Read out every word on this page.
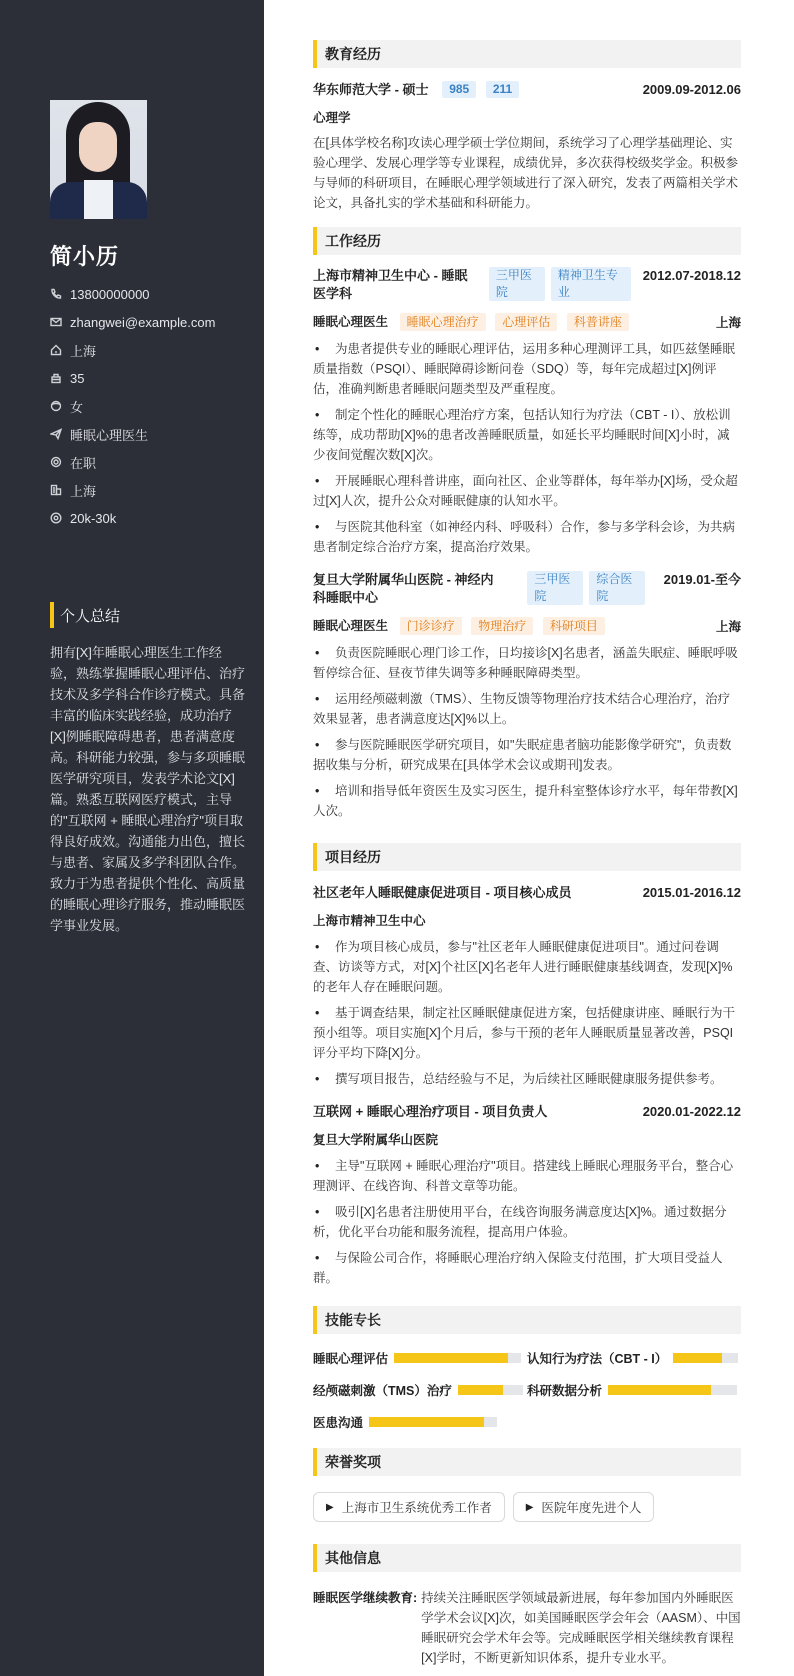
简小历
13800000000
zhangwei@example.com
上海
35
女
睡眠心理医生
在职
上海
20k-30k
个人总结
拥有[X]年睡眠心理医生工作经验，熟练掌握睡眠心理评估、治疗技术及多学科合作诊疗模式。具备丰富的临床实践经验，成功治疗[X]例睡眠障碍患者，患者满意度高。科研能力较强，参与多项睡眠医学研究项目，发表学术论文[X]篇。熟悉互联网医疗模式，主导的"互联网 + 睡眠心理治疗"项目取得良好成效。沟通能力出色，擅长与患者、家属及多学科团队合作。致力于为患者提供个性化、高质量的睡眠心理诊疗服务，推动睡眠医学事业发展。
教育经历
华东师范大学 - 硕士 985 211	2009.09-2012.06
心理学
在[具体学校名称]攻读心理学硕士学位期间，系统学习了心理学基础理论、实验心理学、发展心理学等专业课程，成绩优异，多次获得校级奖学金。积极参与导师的科研项目，在睡眠心理学领域进行了深入研究，发表了两篇相关学术论文，具备扎实的学术基础和科研能力。
工作经历
上海市精神卫生中心 - 睡眠医学科
三甲医院
精神卫生专业
2012.07-2018.12
睡眠心理医生 睡眠心理治疗 心理评估 科普讲座	上海
• 为患者提供专业的睡眠心理评估，运用多种心理测评工具，如匹兹堡睡眠质量指数（PSQI）、睡眠障碍诊断问卷（SDQ）等，每年完成超过[X]例评估，准确判断患者睡眠问题类型及严重程度。
• 制定个性化的睡眠心理治疗方案，包括认知行为疗法（CBT - I）、放松训练等，成功帮助[X]%的患者改善睡眠质量，如延长平均睡眠时间[X]小时，减少夜间觉醒次数[X]次。
• 开展睡眠心理科普讲座，面向社区、企业等群体，每年举办[X]场，受众超过[X]人次，提升公众对睡眠健康的认知水平。
• 与医院其他科室（如神经内科、呼吸科）合作，参与多学科会诊，为共病患者制定综合治疗方案，提高治疗效果。
复旦大学附属华山医院 - 神经内科睡眠中心
三甲医院
综合医院
2019.01-至今
睡眠心理医生 门诊诊疗 物理治疗 科研项目	上海
• 负责医院睡眠心理门诊工作，日均接诊[X]名患者，涵盖失眠症、睡眠呼吸暂停综合征、昼夜节律失调等多种睡眠障碍类型。
• 运用经颅磁刺激（TMS）、生物反馈等物理治疗技术结合心理治疗，治疗效果显著，患者满意度达[X]%以上。
• 参与医院睡眠医学研究项目，如"失眠症患者脑功能影像学研究"，负责数据收集与分析，研究成果在[具体学术会议或期刊]发表。
• 培训和指导低年资医生及实习医生，提升科室整体诊疗水平，每年带教[X]人次。
项目经历
社区老年人睡眠健康促进项目 - 项目核心成员	2015.01-2016.12
上海市精神卫生中心
• 作为项目核心成员，参与"社区老年人睡眠健康促进项目"。通过问卷调查、访谈等方式，对[X]个社区[X]名老年人进行睡眠健康基线调查，发现[X]%的老年人存在睡眠问题。
• 基于调查结果，制定社区睡眠健康促进方案，包括健康讲座、睡眠行为干预小组等。项目实施[X]个月后，参与干预的老年人睡眠质量显著改善，PSQI评分平均下降[X]分。
• 撰写项目报告，总结经验与不足，为后续社区睡眠健康服务提供参考。
互联网 + 睡眠心理治疗项目 - 项目负责人	2020.01-2022.12
复旦大学附属华山医院
• 主导"互联网 + 睡眠心理治疗"项目。搭建线上睡眠心理服务平台，整合心理测评、在线咨询、科普文章等功能。
• 吸引[X]名患者注册使用平台，在线咨询服务满意度达[X]%。通过数据分析，优化平台功能和服务流程，提高用户体验。
• 与保险公司合作，将睡眠心理治疗纳入保险支付范围，扩大项目受益人群。
技能专长
睡眠心理评估	认知行为疗法（CBT - I）
经颅磁刺激（TMS）治疗	科研数据分析
医患沟通
荣誉奖项
▶ 上海市卫生系统优秀工作者	▶ 医院年度先进个人
其他信息
睡眠医学继续教育: 持续关注睡眠医学领域最新进展，每年参加国内外睡眠医学学术会议[X]次，如美国睡眠医学会年会（AASM）、中国睡眠研究会学术年会等。完成睡眠医学相关继续教育课程[X]学时，不断更新知识体系，提升专业水平。
